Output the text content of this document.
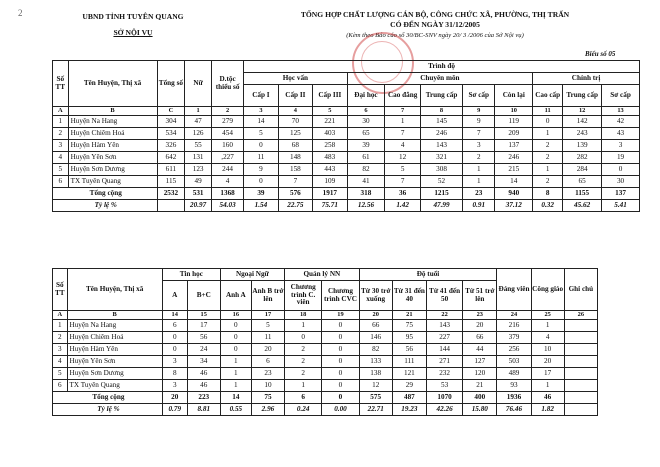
2	UBND TỈNH TUYÊN QUANG
SỞ NỘI VỤ
TỔNG HỢP CHẤT LƯỢNG CÁN BỘ, CÔNG CHỨC XÃ, PHƯỜNG, THỊ TRẤN
CÓ ĐẾN NGÀY 31/12/2005
(Kèm theo Báo cáo số 30/BC-SNV ngày 20/ 3 /2006 của Sở Nội vụ)
Biểu số 05
Số TT	Tên Huyện, Thị xã	Tổng số	Nữ	D.tộc thiểu số	Trình độ										
					Học vấn			Chuyên môn					Chính trị		
					Cấp I	Cấp II	Cấp III	Đại học	Cao đẳng	Trung cấp	Sơ cấp	Còn lại	Cao cấp	Trung cấp	Sơ cấp
A	B	C	1	2	3	4	5	6	7	8	9	10	11	12	13
1	Huyện Na Hang	304	47	279	14	70	221	30	1	145	9	119	0	142	42
2	Huyện Chiêm Hoá	534	126	454	5	125	403	65	7	246	7	209	1	243	43
3	Huyện Hàm Yên	326	55	160	0	68	258	39	4	143	3	137	2	139	3
4	Huyện Yên Sơn	642	131	,227	11	148	483	61	12	321	2	246	2	282	19
5	Huyện Sơn Dương	611	123	244	9	158	443	82	5	308	1	215	1	284	0
6	TX Tuyên Quang	115	49	4	0	7	109	41	7	52	1	14	2	65	30
Tổng cộng		2532	531	1368	39	576	1917	318	36	1215	23	940	8	1155	137
Tỷ lệ %			20.97	54.03	1.54	22.75	75.71	12.56	1.42	47.99	0.91	37.12	0.32	45.62	5.41
Số TT	Tên Huyện, Thị xã	Tin học		Ngoại Ngữ		Quản lý NN		Độ tuổi				Đảng viên	Công giáo	Ghi chú
		A	B+C	Anh A	Anh B trở lên	Chương trình C. viên	Chương trình CVC	Từ 30 trở xuống	Từ 31 đến 40	Từ 41 đến 50	Từ 51 trở lên			
A	B	14	15	16	17	18	19	20	21	22	23	24	25	26
1	Huyện Na Hang	6	17	0	5	1	0	66	75	143	20	216	1	
2	Huyện Chiêm Hoá	0	56	0	11	0	0	146	95	227	66	379	4	
3	Huyện Hàm Yên	0	24	0	20	2	0	82	56	144	44	256	10	
4	Huyện Yên Sơn	3	34	1	6	2	0	133	111	271	127	503	20	
5	Huyện Sơn Dương	8	46	1	23	2	0	138	121	232	120	489	17	
6	TX Tuyên Quang	3	46	1	10	1	0	12	29	53	21	93	1	
Tổng cộng		20	223	14	75	6	0	575	487	1070	400	1936	46	
Tỷ lệ %		0.79	8.81	0.55	2.96	0.24	0.00	22.71	19.23	42.26	15.80	76.46	1.82	
